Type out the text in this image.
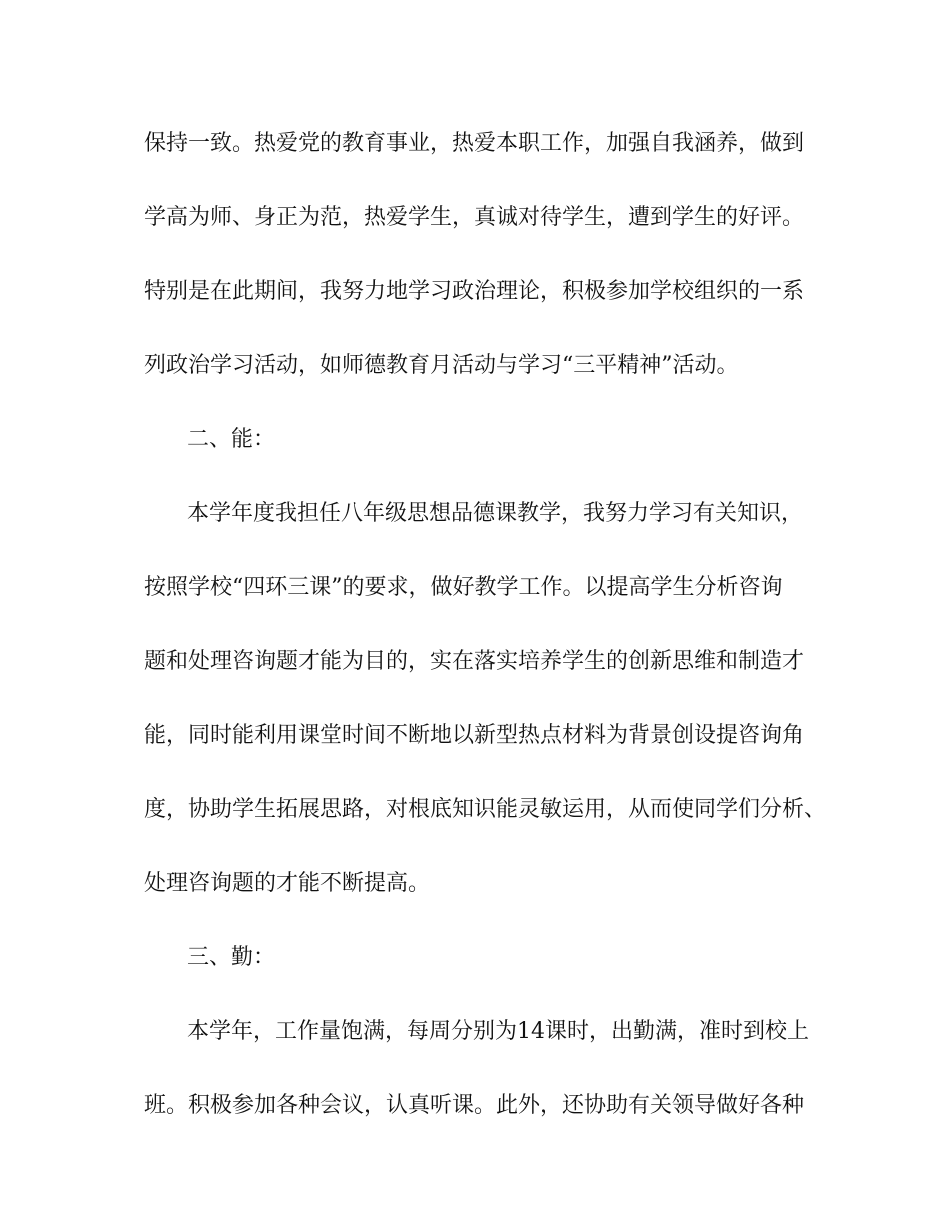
保持一致。热爱党的教育事业，热爱本职工作，加强自我涵养，做到

学高为师、身正为范，热爱学生，真诚对待学生，遭到学生的好评。

特别是在此期间，我努力地学习政治理论，积极参加学校组织的一系

列政治学习活动，如师德教育月活动与学习“三平精神”活动。

二、能：

本学年度我担任八年级思想品德课教学，我努力学习有关知识，

按照学校“四环三课”的要求，做好教学工作。以提高学生分析咨询

题和处理咨询题才能为目的，实在落实培养学生的创新思维和制造才

能，同时能利用课堂时间不断地以新型热点材料为背景创设提咨询角

度，协助学生拓展思路，对根底知识能灵敏运用，从而使同学们分析、

处理咨询题的才能不断提高。

三、勤：

本学年，工作量饱满，每周分别为14课时，出勤满，准时到校上

班。积极参加各种会议，认真听课。此外，还协助有关领导做好各种
